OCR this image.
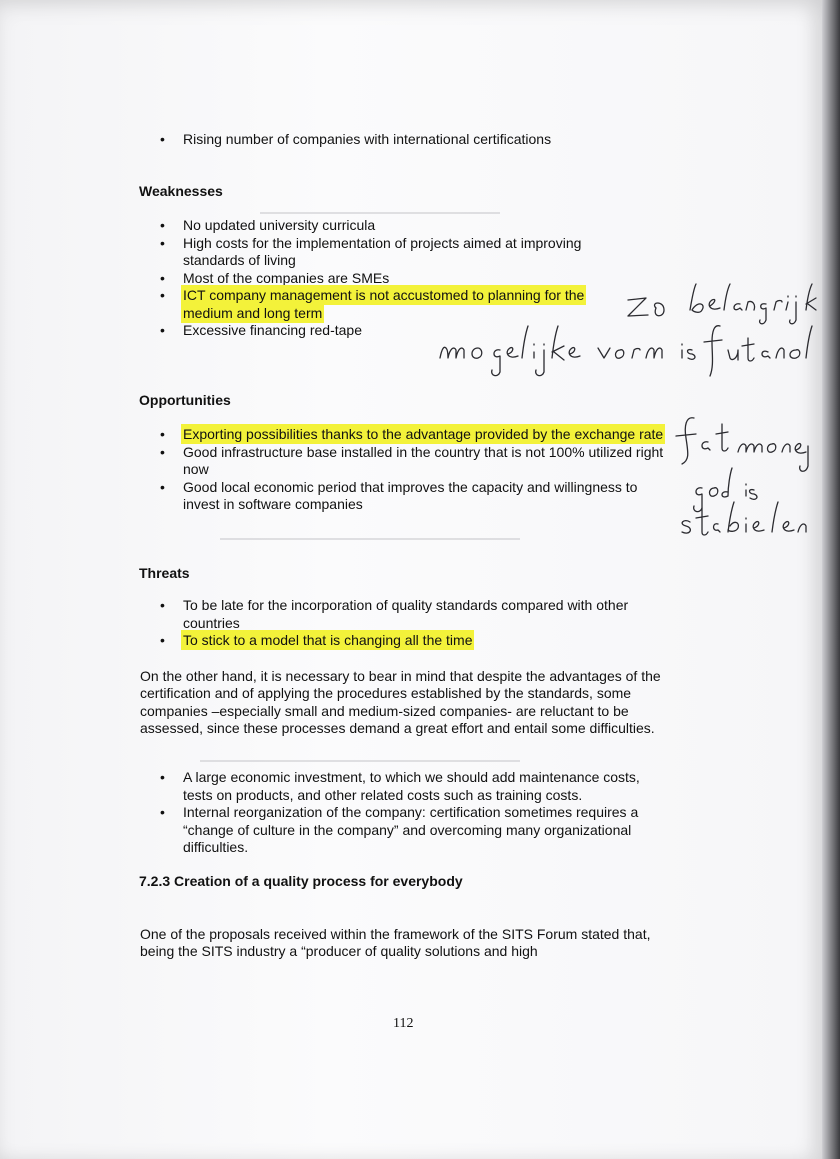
• Rising number of companies with international certifications
Weaknesses
• No updated university curricula
• High costs for the implementation of projects aimed at improving standards of living
• Most of the companies are SMEs
• ICT company management is not accustomed to planning for the medium and long term
• Excessive financing red-tape
Opportunities
• Exporting possibilities thanks to the advantage provided by the exchange rate
• Good infrastructure base installed in the country that is not 100% utilized right now
• Good local economic period that improves the capacity and willingness to invest in software companies
Threats
• To be late for the incorporation of quality standards compared with other countries
• To stick to a model that is changing all the time

On the other hand, it is necessary to bear in mind that despite the advantages of the certification and of applying the procedures established by the standards, some companies –especially small and medium-sized companies- are reluctant to be assessed, since these processes demand a great effort and entail some difficulties.

• A large economic investment, to which we should add maintenance costs, tests on products, and other related costs such as training costs.
• Internal reorganization of the company: certification sometimes requires a “change of culture in the company” and overcoming many organizational difficulties.
7.2.3 Creation of a quality process for everybody

One of the proposals received within the framework of the SITS Forum stated that, being the SITS industry a “producer of quality solutions and high

112
